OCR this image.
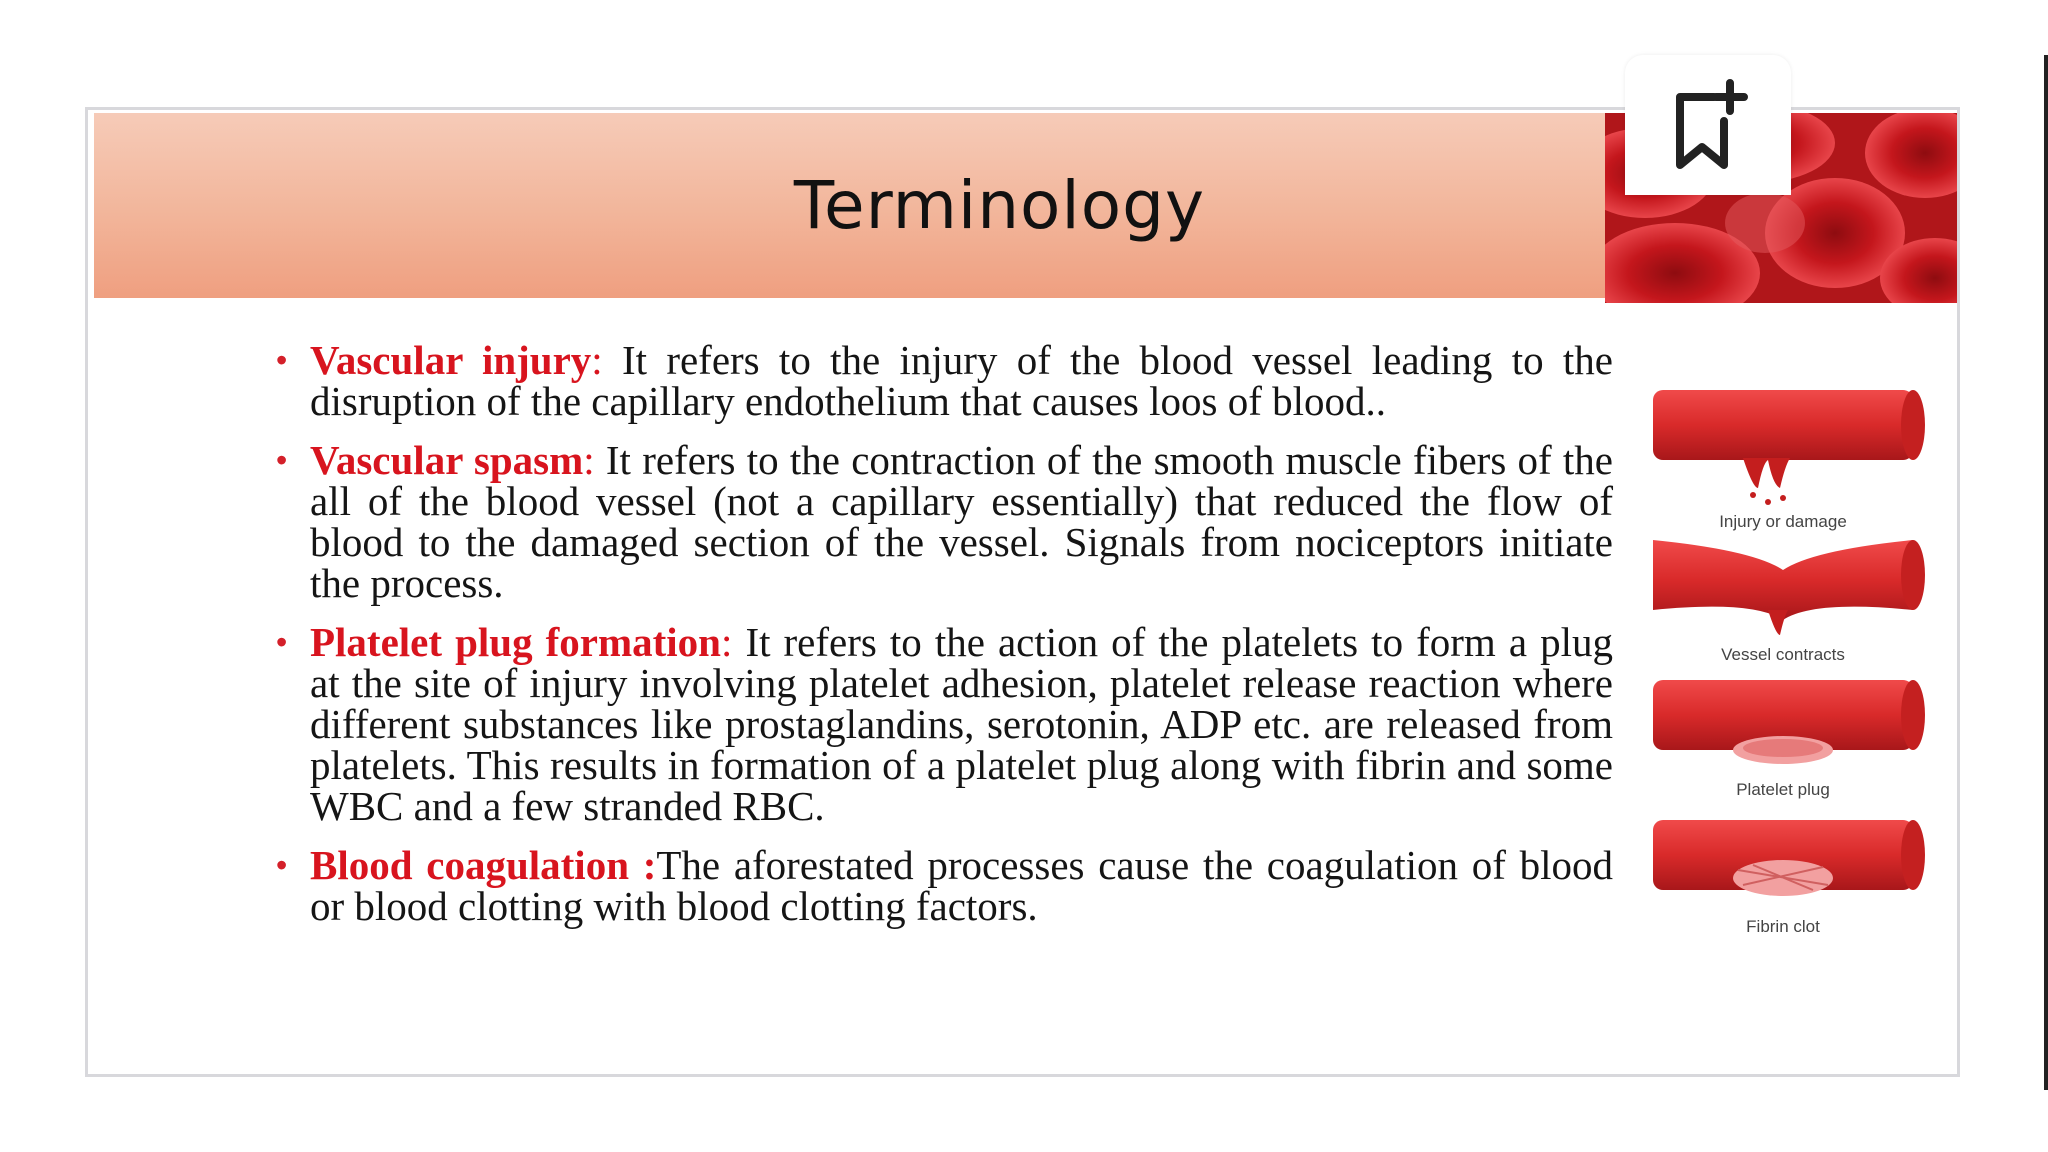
Terminology
• Vascular injury: It refers to the injury of the blood vessel leading to the disruption of the capillary endothelium that causes loos of blood..
• Vascular spasm: It refers to the contraction of the smooth muscle fibers of the all of the blood vessel (not a capillary essentially) that reduced the flow of blood to the damaged section of the vessel. Signals from nociceptors initiate the process.
• Platelet plug formation: It refers to the action of the platelets to form a plug at the site of injury involving platelet adhesion, platelet release reaction where different substances like prostaglandins, serotonin, ADP etc. are released from platelets. This results in formation of a platelet plug along with fibrin and some WBC and a few stranded RBC.
• Blood coagulation :The aforestated processes cause the coagulation of blood or blood clotting with blood clotting factors.
Injury or damage
Vessel contracts
Platelet plug
Fibrin clot
